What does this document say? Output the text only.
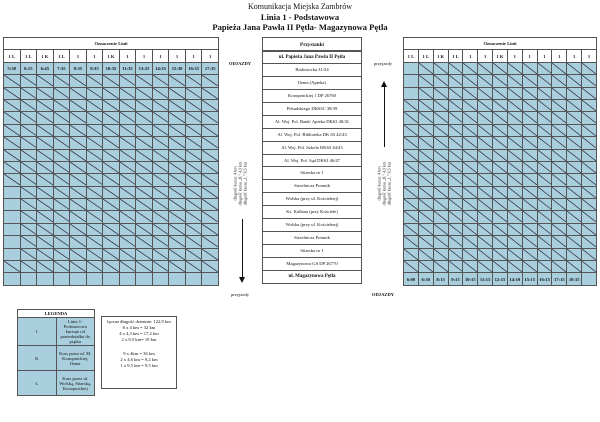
Komunikacja Miejska Zambrów
Linia 1 - Podstawowa
Papieża Jana Pawła II Pętla- Magazynowa Pętla
Oznaczenie Linii												
1 L	1 L	1 K	1 L	1	1	1 K	1	1	1	1	1	1
5:30	6:15	6:45	7:35	8:35	9:35	10:35	11:35	13:25	14:35	15:30	16:35	17:35

Oznaczenie Linii												
1 L	1 L	1 K	1 L	1	1	1 K	1	1	1	1	1	1

6:00	6:30	8:15	9:15	10:15	11:15	12:15	14:10	15:15	16:15	17:15	18:15	
Przystanki
ul. Papieża Jana Pawła II Pętla
Białostocka 31/24
Ilema (Apteka)
Konopnickiej 1 DP 26760
Piłsudskiego DK63C 38/39
Al. Woj. Pol. Bank/ Apteka DK63 40/41
Al. Woj. Pol. Biblioteka DK 63 42/43
Al. Woj. Pol. Szkoła DK63 44/45
Al. Woj. Pol. Sąd DK63 46/47
Sitarska nr 1
Strzelnicza Pomnik
Wolska (przy ul. Kościelnej)
Ks. Kulbata (przy Kościele)
Wolska (przy ul. Kościelnej)
Strzelnicza Pomnik
Sitarska nr 1
Magazynowa GS DP 26770
ul. Magazynowa Pętla
ODJAZDY
przyjazdy
przyjazdy
ODJAZDY
długość kursu: 4 km
długość kursu „K" 4,3 km
długość kursu „L" 9,5 km
długość kursu: 4 km
długość kursu „K" 4,3 km
długość kursu „L" 9,5 km
LEGENDA	
1	Linia 1- Podstawowa kursuje od poniedziałku do piątku
K	Kurs przez ul. M. Konopnickiej, Ilema
L	Kurs przez ul. Wolską, Sitarską, Konopnickiej
łączna długość dziennie: 122,9 km
8 x 4 km = 32 km
4 x 4,3 km = 17,2 km
2 x 9,5 km= 19 km
9 x 4km = 36 km
2 x 4,6 km = 9,2 km
1 x 9,5 km = 9,5 km
